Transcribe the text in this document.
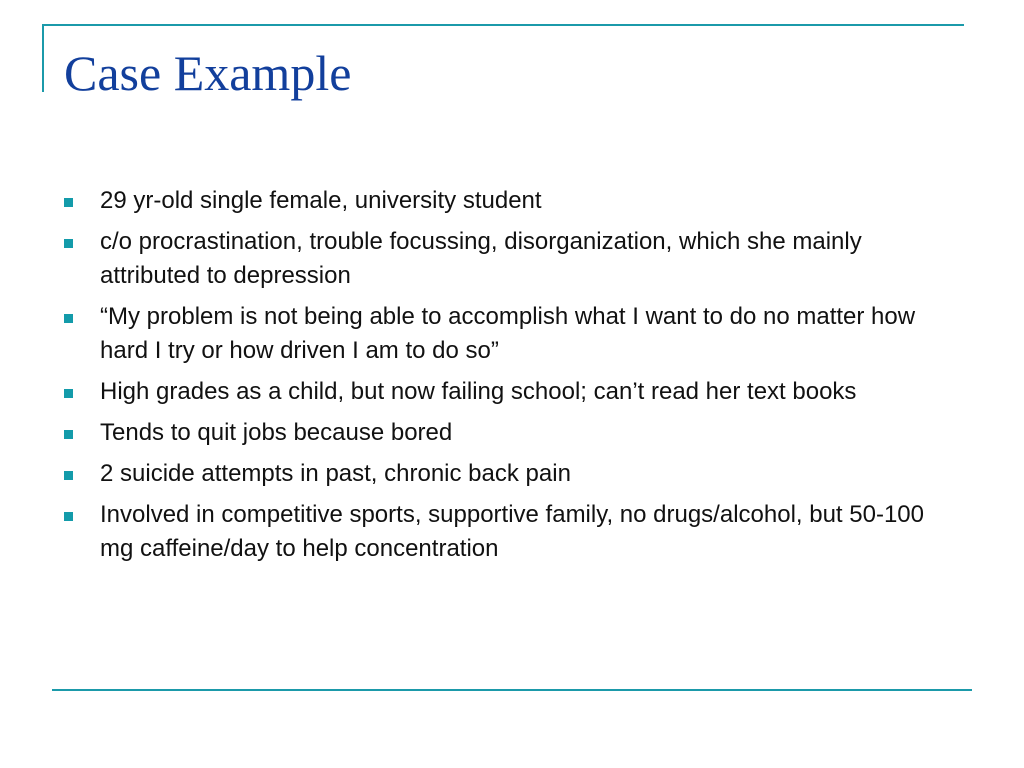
Case Example
29 yr-old single female, university student
c/o procrastination, trouble focussing, disorganization, which she mainly attributed to depression
“My problem is not being able to accomplish what I want to do no matter how hard I try or how driven I am to do so”
High grades as a child, but now failing school; can’t read her text books
Tends to quit jobs because bored
2 suicide attempts in past, chronic back pain
Involved in competitive sports, supportive family, no drugs/alcohol, but 50-100 mg caffeine/day to help concentration
